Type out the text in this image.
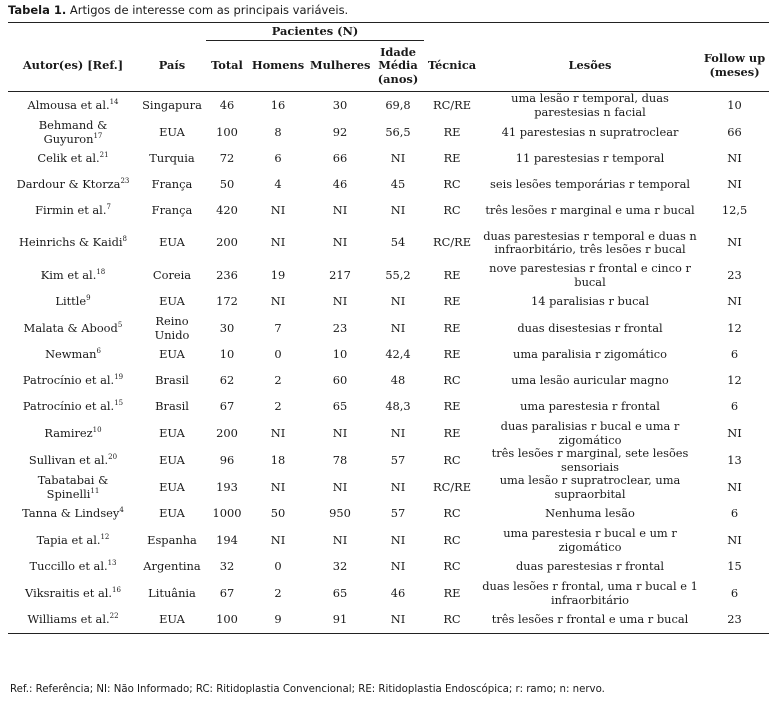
Tabela 1. Artigos de interesse com as principais variáveis.
		Pacientes (N)						
Autor(es) [Ref.]	País	Total	Homens	Mulheres	Idade Média (anos)	Técnica	Lesões	Follow up (meses)
Almousa et al.$^{14}$	Singapura	46	16	30	69,8	RC/RE	uma lesão r temporal, duas parestesias n facial	10
Behmand & Guyuron$^{17}$	EUA	100	8	92	56,5	RE	41 parestesias n supratroclear	66
Celik et al.$^{21}$	Turquia	72	6	66	NI	RE	11 parestesias r temporal	NI
Dardour & Ktorza$^{23}$	França	50	4	46	45	RC	seis lesões temporárias r temporal	NI
Firmin et al.$^7$	França	420	NI	NI	NI	RC	três lesões r marginal e uma r bucal	12,5
Heinrichs & Kaidi$^8$	EUA	200	NI	NI	54	RC/RE	duas parestesias r temporal e duas n infraorbitário, três lesões r bucal	NI
Kim et al.$^{18}$	Coreia	236	19	217	55,2	RE	nove parestesias r frontal e cinco r bucal	23
Little$^9$	EUA	172	NI	NI	NI	RE	14 paralisias r bucal	NI
Malata & Abood$^5$	Reino Unido	30	7	23	NI	RE	duas disestesias r frontal	12
Newman$^6$	EUA	10	0	10	42,4	RE	uma paralisia r zigomático	6
Patrocínio et al.$^{19}$	Brasil	62	2	60	48	RC	uma lesão auricular magno	12
Patrocínio et al.$^{15}$	Brasil	67	2	65	48,3	RE	uma parestesia r frontal	6
Ramirez$^{10}$	EUA	200	NI	NI	NI	RE	duas paralisias r bucal e uma r zigomático	NI
Sullivan et al.$^{20}$	EUA	96	18	78	57	RC	três lesões r marginal, sete lesões sensoriais	13
Tabatabai & Spinelli$^{11}$	EUA	193	NI	NI	NI	RC/RE	uma lesão r supratroclear, uma supraorbital	NI
Tanna & Lindsey$^4$	EUA	1000	50	950	57	RC	Nenhuma lesão	6
Tapia et al.$^{12}$	Espanha	194	NI	NI	NI	RC	uma parestesia r bucal e um r zigomático	NI
Tuccillo et al.$^{13}$	Argentina	32	0	32	NI	RC	duas parestesias r frontal	15
Viksraitis et al.$^{16}$	Lituânia	67	2	65	46	RE	duas lesões r frontal, uma r bucal e 1 infraorbitário	6
Williams et al.$^{22}$	EUA	100	9	91	NI	RC	três lesões r frontal e uma r bucal	23
Ref.: Referência; NI: Não Informado; RC: Ritidoplastia Convencional; RE: Ritidoplastia Endoscópica; r: ramo; n: nervo.
